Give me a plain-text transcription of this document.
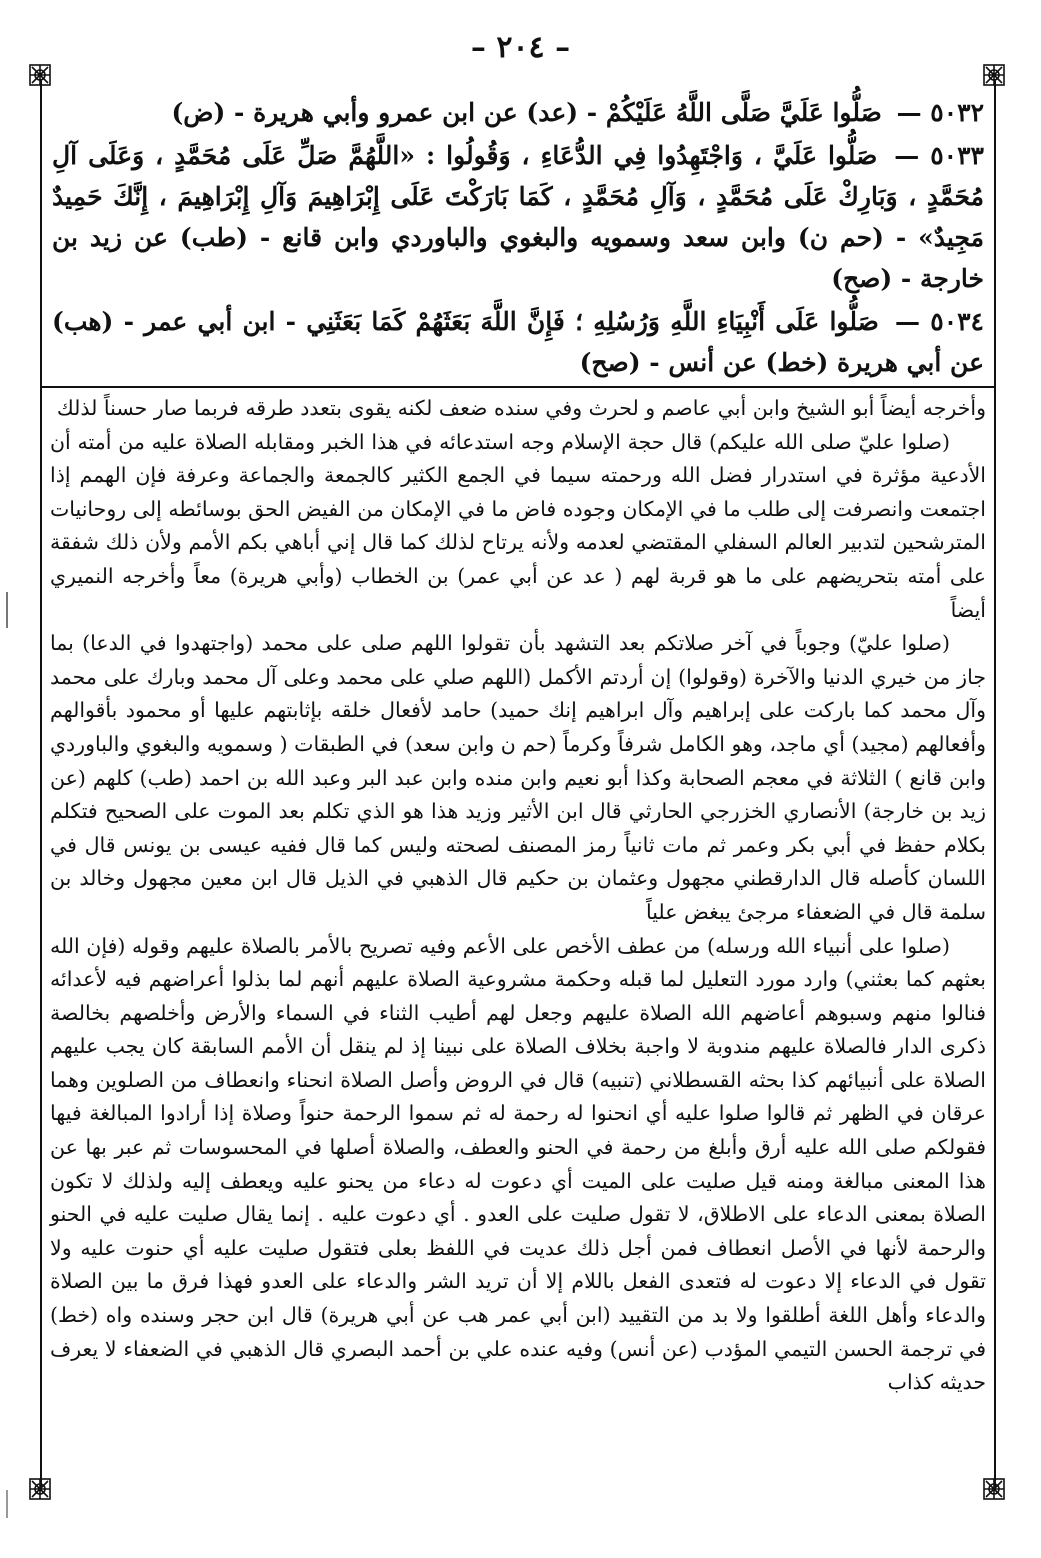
– ٢٠٤ –

٥٠٣٢ — صَلُّوا عَلَيَّ صَلَّى اللَّهُ عَلَيْكُمْ - (عد) عن ابن عمرو وأبي هريرة - (ض)

٥٠٣٣ — صَلُّوا عَلَيَّ ، وَاجْتَهِدُوا فِي الدُّعَاءِ ، وَقُولُوا : «اللَّهُمَّ صَلِّ عَلَى مُحَمَّدٍ ، وَعَلَى آلِ مُحَمَّدٍ ، وَبَارِكْ عَلَى مُحَمَّدٍ ، وَآلِ مُحَمَّدٍ ، كَمَا بَارَكْتَ عَلَى إِبْرَاهِيمَ وَآلِ إِبْرَاهِيمَ ، إِنَّكَ حَمِيدٌ مَجِيدٌ» - (حم ن) وابن سعد وسمويه والبغوي والباوردي وابن قانع - (طب) عن زيد بن خارجة - (صح)

٥٠٣٤ — صَلُّوا عَلَى أَنْبِيَاءِ اللَّهِ وَرُسُلِهِ ؛ فَإِنَّ اللَّهَ بَعَثَهُمْ كَمَا بَعَثَنِي - ابن أبي عمر - (هب) عن أبي هريرة (خط) عن أنس - (صح)

وأخرجه أيضاً أبو الشيخ وابن أبي عاصم و لحرث وفي سنده ضعف لكنه يقوى بتعدد طرقه فربما صار حسناً لذلك

(صلوا عليّ صلى الله عليكم) قال حجة الإسلام وجه استدعائه في هذا الخبر ومقابله الصلاة عليه من أمته أن الأدعية مؤثرة في استدرار فضل الله ورحمته سيما في الجمع الكثير كالجمعة والجماعة وعرفة فإن الهمم إذا اجتمعت وانصرفت إلى طلب ما في الإمكان وجوده فاض ما في الإمكان من الفيض الحق بوسائطه إلى روحانيات المترشحين لتدبير العالم السفلي المقتضي لعدمه ولأنه يرتاح لذلك كما قال إني أباهي بكم الأمم ولأن ذلك شفقة على أمته بتحريضهم على ما هو قربة لهم ( عد عن أبي عمر) بن الخطاب (وأبي هريرة) معاً وأخرجه النميري أيضاً

(صلوا عليّ) وجوباً في آخر صلاتكم بعد التشهد بأن تقولوا اللهم صلى على محمد (واجتهدوا في الدعا) بما جاز من خيري الدنيا والآخرة (وقولوا) إن أردتم الأكمل (اللهم صلي على محمد وعلى آل محمد وبارك على محمد وآل محمد كما باركت على إبراهيم وآل ابراهيم إنك حميد) حامد لأفعال خلقه بإثابتهم عليها أو محمود بأقوالهم وأفعالهم (مجيد) أي ماجد، وهو الكامل شرفاً وكرماً (حم ن وابن سعد) في الطبقات ( وسمويه والبغوي والباوردي وابن قانع ) الثلاثة في معجم الصحابة وكذا أبو نعيم وابن منده وابن عبد البر وعبد الله بن احمد (طب) كلهم (عن زيد بن خارجة) الأنصاري الخزرجي الحارثي قال ابن الأثير وزيد هذا هو الذي تكلم بعد الموت على الصحيح فتكلم بكلام حفظ في أبي بكر وعمر ثم مات ثانياً رمز المصنف لصحته وليس كما قال ففيه عيسى بن يونس قال في اللسان كأصله قال الدارقطني مجهول وعثمان بن حكيم قال الذهبي في الذيل قال ابن معين مجهول وخالد بن سلمة قال في الضعفاء مرجئ يبغض علياً

(صلوا على أنبياء الله ورسله) من عطف الأخص على الأعم وفيه تصريح بالأمر بالصلاة عليهم وقوله (فإن الله بعثهم كما بعثني) وارد مورد التعليل لما قبله وحكمة مشروعية الصلاة عليهم أنهم لما بذلوا أعراضهم فيه لأعدائه فنالوا منهم وسبوهم أعاضهم الله الصلاة عليهم وجعل لهم أطيب الثناء في السماء والأرض وأخلصهم بخالصة ذكرى الدار فالصلاة عليهم مندوبة لا واجبة بخلاف الصلاة على نبينا إذ لم ينقل أن الأمم السابقة كان يجب عليهم الصلاة على أنبيائهم كذا بحثه القسطلاني (تنبيه) قال في الروض وأصل الصلاة انحناء وانعطاف من الصلوين وهما عرقان في الظهر ثم قالوا صلوا عليه أي انحنوا له رحمة له ثم سموا الرحمة حنواً وصلاة إذا أرادوا المبالغة فيها فقولكم صلى الله عليه أرق وأبلغ من رحمة في الحنو والعطف، والصلاة أصلها في المحسوسات ثم عبر بها عن هذا المعنى مبالغة ومنه قيل صليت على الميت أي دعوت له دعاء من يحنو عليه ويعطف إليه ولذلك لا تكون الصلاة بمعنى الدعاء على الاطلاق، لا تقول صليت على العدو . أي دعوت عليه . إنما يقال صليت عليه في الحنو والرحمة لأنها في الأصل انعطاف فمن أجل ذلك عديت في اللفظ بعلى فتقول صليت عليه أي حنوت عليه ولا تقول في الدعاء إلا دعوت له فتعدى الفعل باللام إلا أن تريد الشر والدعاء على العدو فهذا فرق ما بين الصلاة والدعاء وأهل اللغة أطلقوا ولا بد من التقييد (ابن أبي عمر هب عن أبي هريرة) قال ابن حجر وسنده واه (خط) في ترجمة الحسن التيمي المؤدب (عن أنس) وفيه عنده علي بن أحمد البصري قال الذهبي في الضعفاء لا يعرف حديثه كذاب
